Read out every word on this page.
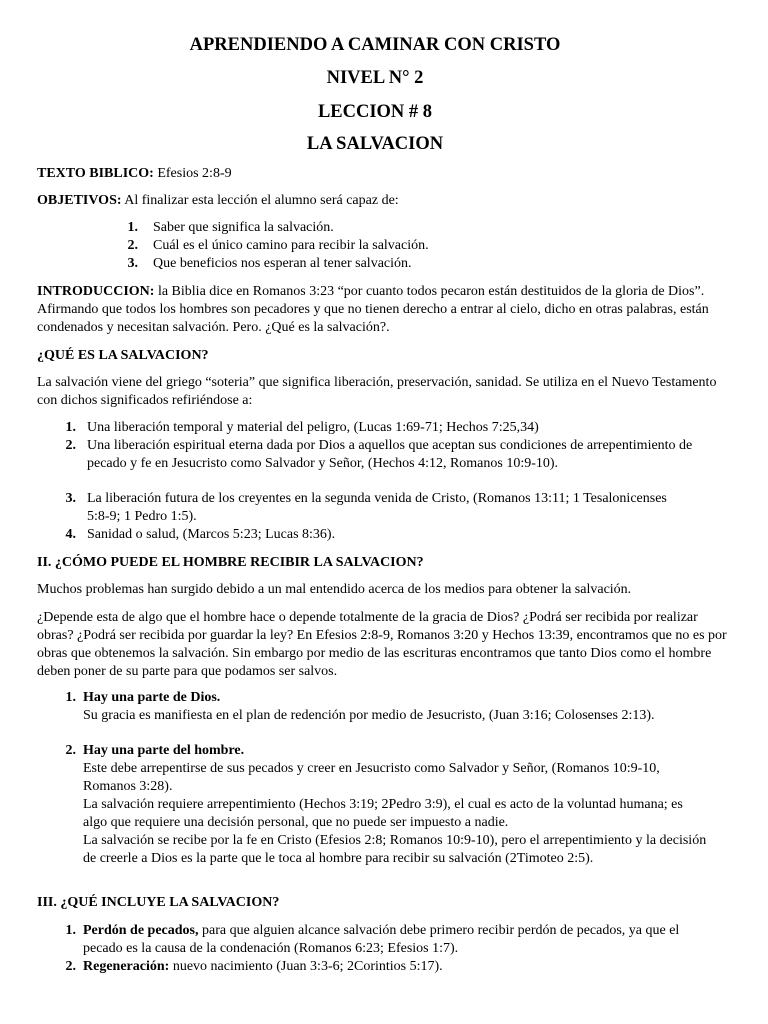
APRENDIENDO A CAMINAR CON CRISTO
NIVEL N° 2
LECCION # 8
LA SALVACION
TEXTO BIBLICO: Efesios 2:8-9
OBJETIVOS: Al finalizar esta lección el alumno será capaz de:
1. Saber que significa la salvación.
2. Cuál es el único camino para recibir la salvación.
3. Que beneficios nos esperan al tener salvación.
INTRODUCCION: la Biblia dice en Romanos 3:23 “por cuanto todos pecaron están destituidos de la gloria de Dios”. Afirmando que todos los hombres son pecadores y que no tienen derecho a entrar al cielo, dicho en otras palabras, están condenados y necesitan salvación. Pero. ¿Qué es la salvación?.
¿QUÉ ES LA SALVACION?
La salvación viene del griego “soteria” que significa liberación, preservación, sanidad. Se utiliza en el Nuevo Testamento con dichos significados refiriéndose a:
1. Una liberación temporal y material del peligro, (Lucas 1:69-71; Hechos 7:25,34)
2. Una liberación espiritual eterna dada por Dios a aquellos que aceptan sus condiciones de arrepentimiento de pecado y fe en Jesucristo como Salvador y Señor, (Hechos 4:12, Romanos 10:9-10).
3. La liberación futura de los creyentes en la segunda venida de Cristo, (Romanos 13:11; 1 Tesalonicenses 5:8-9; 1 Pedro 1:5).
4. Sanidad o salud, (Marcos 5:23; Lucas 8:36).
II. ¿CÓMO PUEDE EL HOMBRE RECIBIR LA SALVACION?
Muchos problemas han surgido debido a un mal entendido acerca de los medios para obtener la salvación.
¿Depende esta de algo que el hombre hace o depende totalmente de la gracia de Dios? ¿Podrá ser recibida por realizar obras? ¿Podrá ser recibida por guardar la ley? En Efesios 2:8-9, Romanos 3:20 y Hechos 13:39, encontramos que no es por obras que obtenemos la salvación. Sin embargo por medio de las escrituras encontramos que tanto Dios como el hombre deben poner de su parte para que podamos ser salvos.
1. Hay una parte de Dios.

Su gracia es manifiesta en el plan de redención por medio de Jesucristo, (Juan 3:16; Colosenses 2:13).

2. Hay una parte del hombre.

Este debe arrepentirse de sus pecados y creer en Jesucristo como Salvador y Señor, (Romanos 10:9-10, Romanos 3:28).

La salvación requiere arrepentimiento (Hechos 3:19; 2Pedro 3:9), el cual es acto de la voluntad humana; es algo que requiere una decisión personal, que no puede ser impuesto a nadie.

La salvación se recibe por la fe en Cristo (Efesios 2:8; Romanos 10:9-10), pero el arrepentimiento y la decisión de creerle a Dios es la parte que le toca al hombre para recibir su salvación (2Timoteo 2:5).

III. ¿QUÉ INCLUYE LA SALVACION?
1. Perdón de pecados, para que alguien alcance salvación debe primero recibir perdón de pecados, ya que el pecado es la causa de la condenación (Romanos 6:23; Efesios 1:7).
2. Regeneración: nuevo nacimiento (Juan 3:3-6; 2Corintios 5:17).
